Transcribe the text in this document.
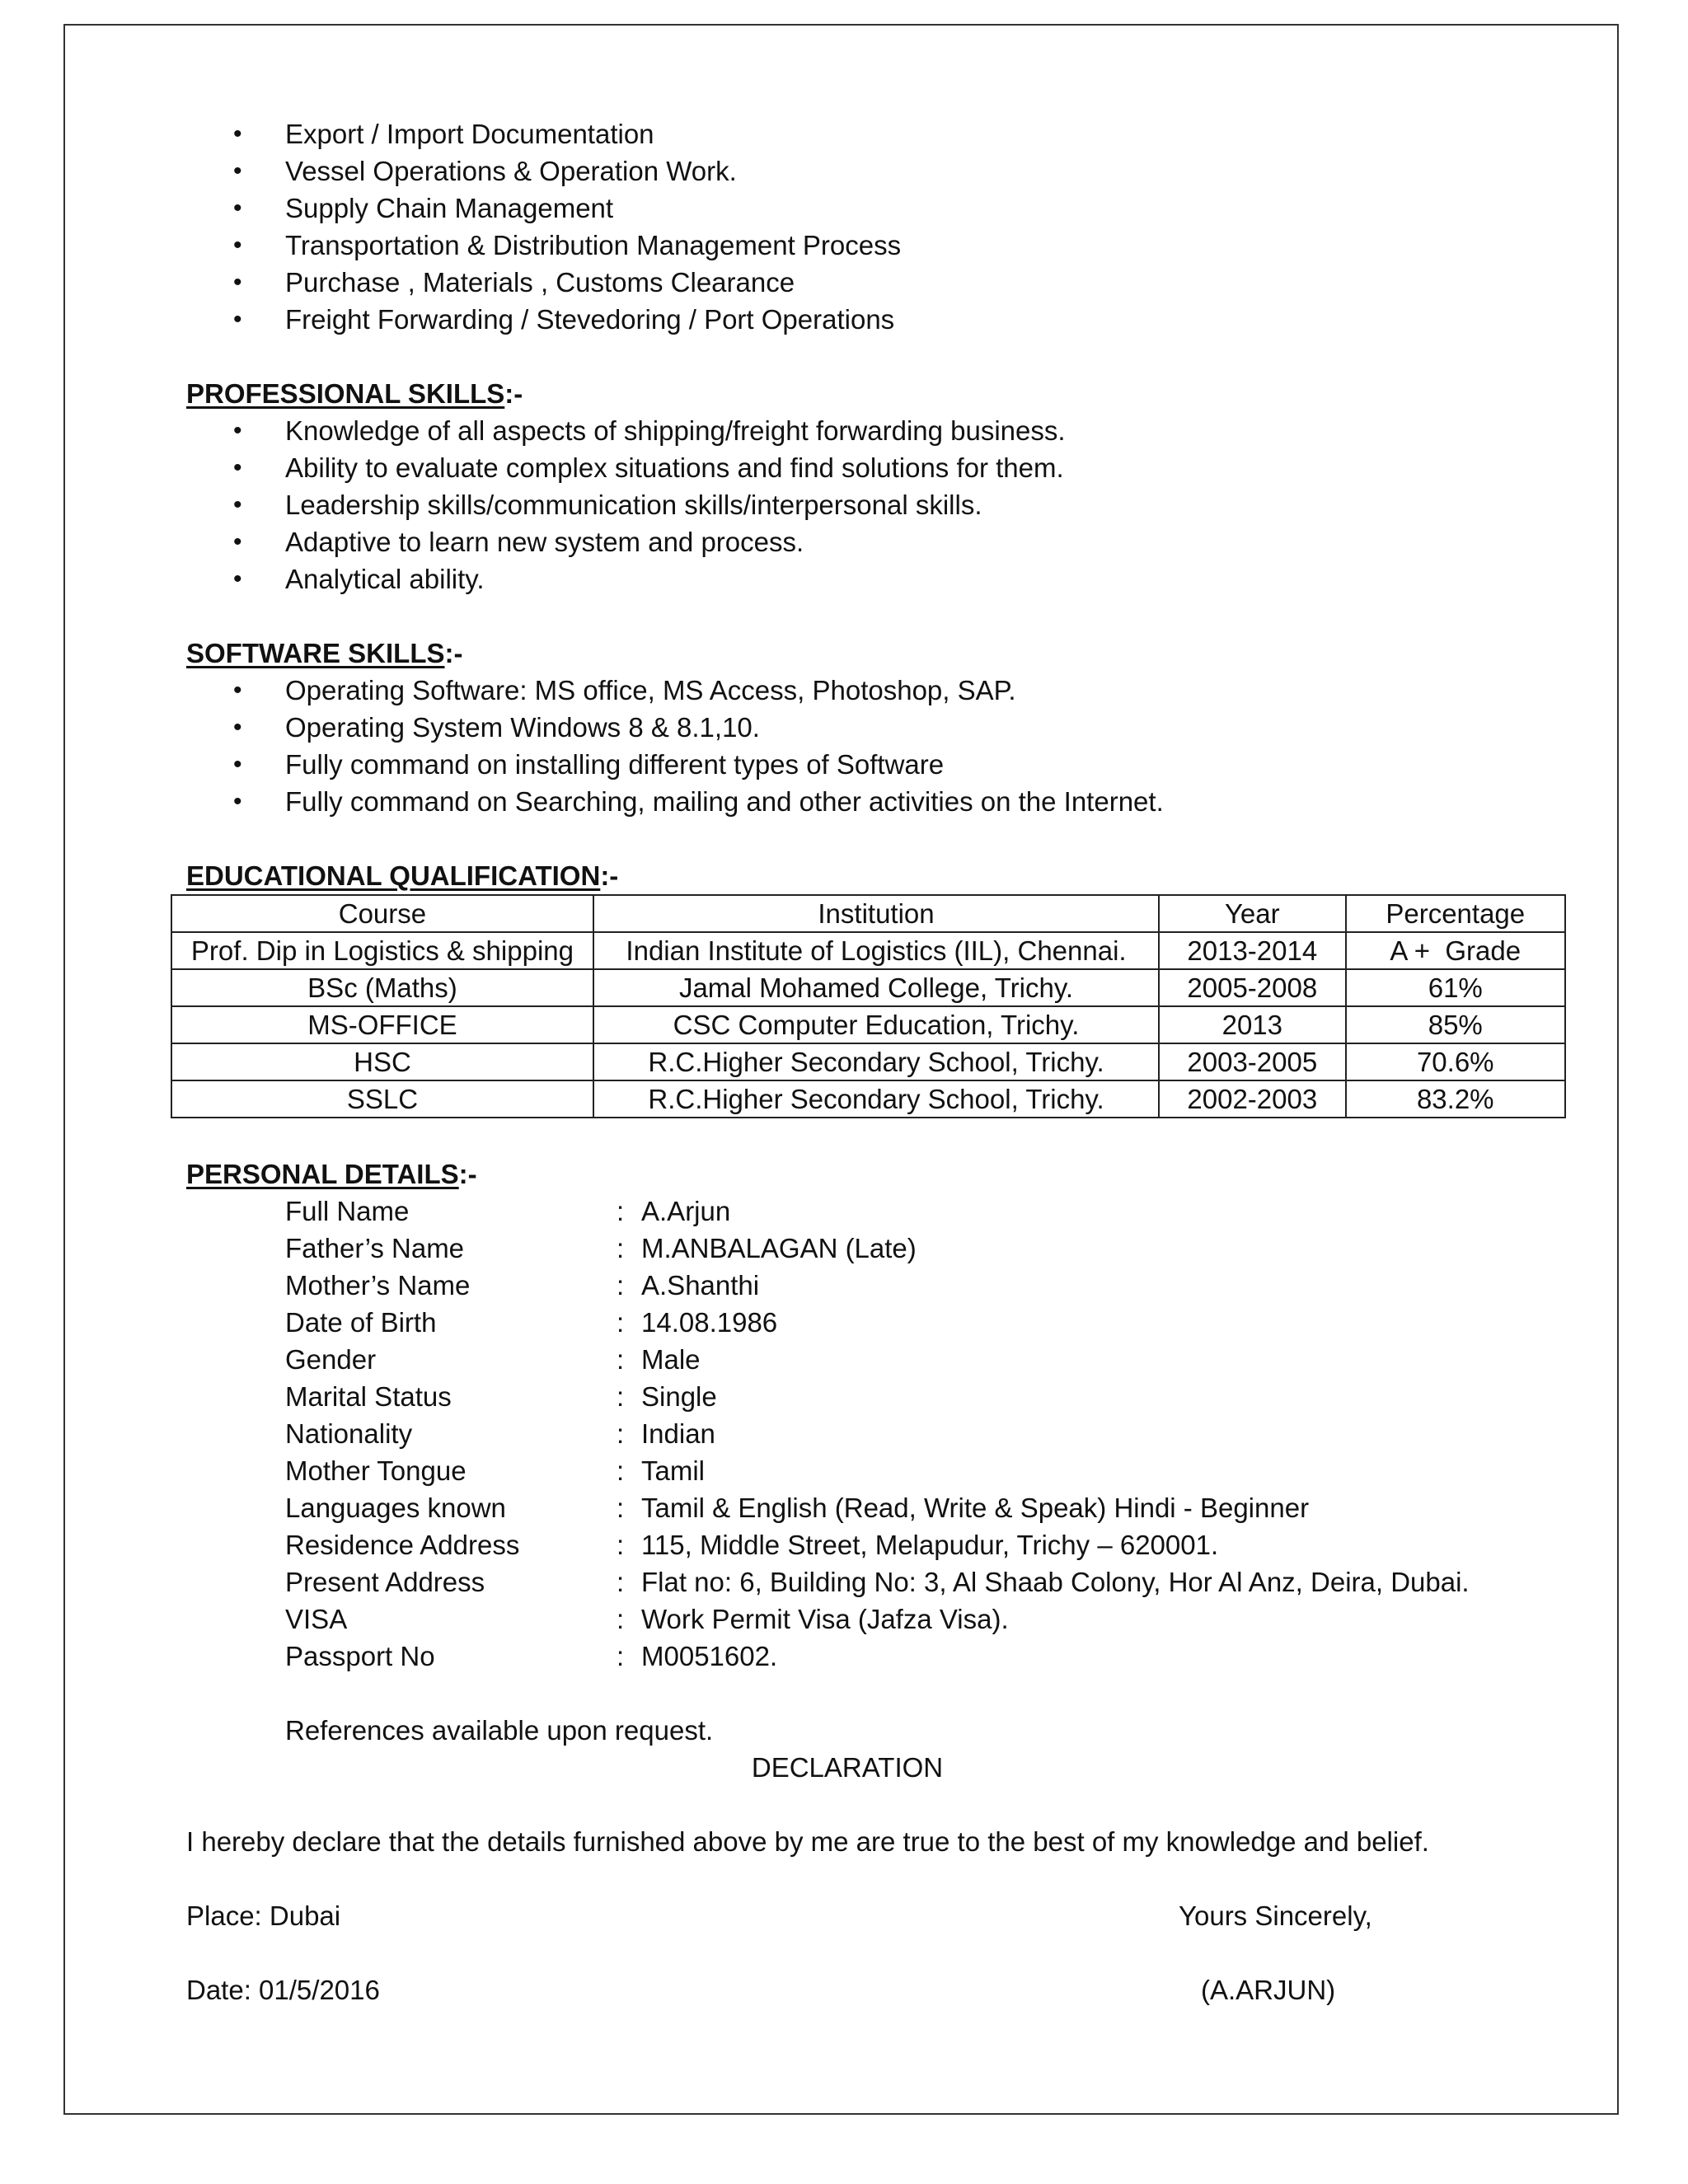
• Export / Import Documentation
• Vessel Operations & Operation Work.
• Supply Chain Management
• Transportation & Distribution Management Process
• Purchase , Materials , Customs Clearance
• Freight Forwarding / Stevedoring / Port Operations
PROFESSIONAL SKILLS:-
• Knowledge of all aspects of shipping/freight forwarding business.
• Ability to evaluate complex situations and find solutions for them.
• Leadership skills/communication skills/interpersonal skills.
• Adaptive to learn new system and process.
• Analytical ability.
SOFTWARE SKILLS:-
• Operating Software: MS office, MS Access, Photoshop, SAP.
• Operating System Windows 8 & 8.1,10.
• Fully command on installing different types of Software
• Fully command on Searching, mailing and other activities on the Internet.
EDUCATIONAL QUALIFICATION:-
Course	Institution	Year	Percentage
Prof. Dip in Logistics & shipping	Indian Institute of Logistics (IIL), Chennai.	2013-2014	A +  Grade
BSc (Maths)	Jamal Mohamed College, Trichy.	2005-2008	61%
MS-OFFICE	CSC Computer Education, Trichy.	2013	85%
HSC	R.C.Higher Secondary School, Trichy.	2003-2005	70.6%
SSLC	R.C.Higher Secondary School, Trichy.	2002-2003	83.2%
PERSONAL DETAILS:-
Full Name	: A.Arjun
Father’s Name	: M.ANBALAGAN (Late)
Mother’s Name	: A.Shanthi
Date of Birth	: 14.08.1986
Gender	: Male
Marital Status	: Single
Nationality	: Indian
Mother Tongue	: Tamil
Languages known	: Tamil & English (Read, Write & Speak) Hindi - Beginner
Residence Address	: 115, Middle Street, Melapudur, Trichy – 620001.
Present Address	: Flat no: 6, Building No: 3, Al Shaab Colony, Hor Al Anz, Deira, Dubai.
VISA	: Work Permit Visa (Jafza Visa).
Passport No	: M0051602.
References available upon request.
DECLARATION
I hereby declare that the details furnished above by me are true to the best of my knowledge and belief.
Place: Dubai	Yours Sincerely,
Date: 01/5/2016	(A.ARJUN)
